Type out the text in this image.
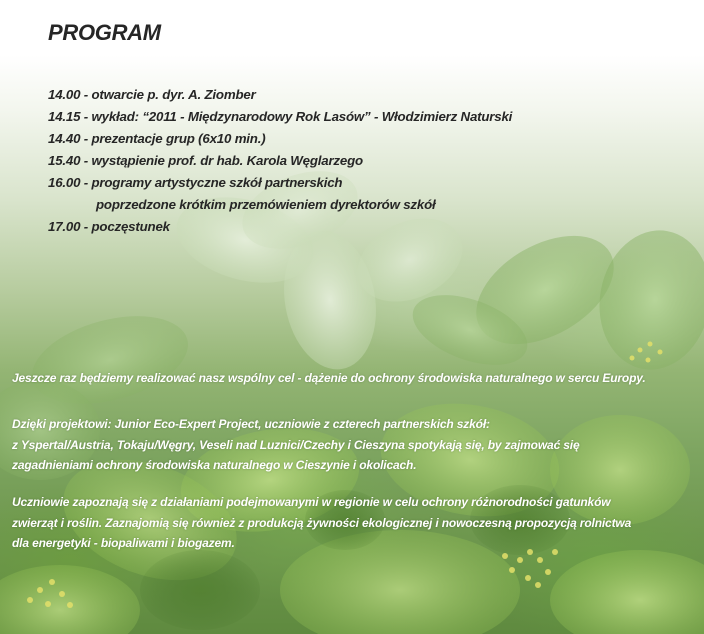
PROGRAM
14.00 - otwarcie p. dyr. A. Ziomber
14.15 - wykład: “2011 - Międzynarodowy Rok Lasów” - Włodzimierz Naturski
14.40 - prezentacje grup (6x10 min.)
15.40 - wystąpienie prof. dr hab. Karola Węglarzego
16.00 - programy artystyczne szkół partnerskich
poprzedzone krótkim przemówieniem dyrektorów szkół
17.00 - poczęstunek
Jeszcze raz będziemy realizować nasz wspólny cel - dążenie do ochrony środowiska naturalnego w sercu Europy.
Dzięki projektowi: Junior Eco-Expert Project, uczniowie z czterech partnerskich szkół:
z Yspertal/Austria, Tokaju/Węgry, Veseli nad Luznici/Czechy i Cieszyna spotykają się, by zajmować się
zagadnieniami ochrony środowiska naturalnego w Cieszynie i okolicach.
Uczniowie zapoznają się z działaniami podejmowanymi w regionie w celu ochrony różnorodności gatunków
zwierząt i roślin. Zaznajomią się również z produkcją żywności ekologicznej i nowoczesną propozycją rolnictwa
dla energetyki - biopaliwami i biogazem.
